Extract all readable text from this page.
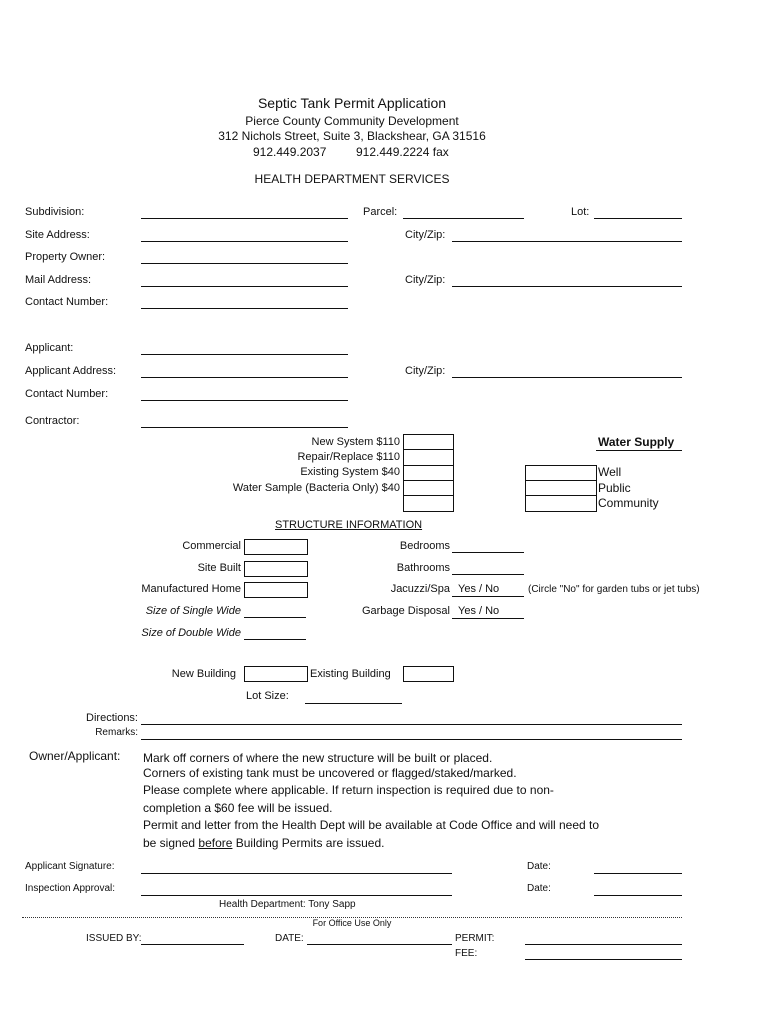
Septic Tank Permit Application
Pierce County Community Development
312 Nichols Street, Suite 3, Blackshear, GA 31516
912.449.2037 912.449.2224 fax
HEALTH DEPARTMENT SERVICES
Subdivision:	Parcel:	Lot:
Site Address:	City/Zip:
Property Owner:
Mail Address:	City/Zip:
Contact Number:
Applicant:
Applicant Address:	City/Zip:
Contact Number:
Contractor:
New System $110
Repair/Replace $110
Existing System $40
Water Sample (Bacteria Only) $40
Water Supply
Well
Public
Community
STRUCTURE INFORMATION
Commercial
Site Built
Manufactured Home
Size of Single Wide
Size of Double Wide
Bedrooms
Bathrooms
Jacuzzi/Spa Yes / No	(Circle "No" for garden tubs or jet tubs)
Garbage Disposal Yes / No
New Building	Existing Building
Lot Size:
Directions:
Remarks:
Owner/Applicant: Mark off corners of where the new structure will be built or placed.
Corners of existing tank must be uncovered or flagged/staked/marked.
Please complete where applicable. If return inspection is required due to non-
completion a $60 fee will be issued.
Permit and letter from the Health Dept will be available at Code Office and will need to
be signed before Building Permits are issued.
Applicant Signature:	Date:
Inspection Approval:	Date:
Health Department: Tony Sapp
For Office Use Only
ISSUED BY:	DATE:	PERMIT:
FEE:
